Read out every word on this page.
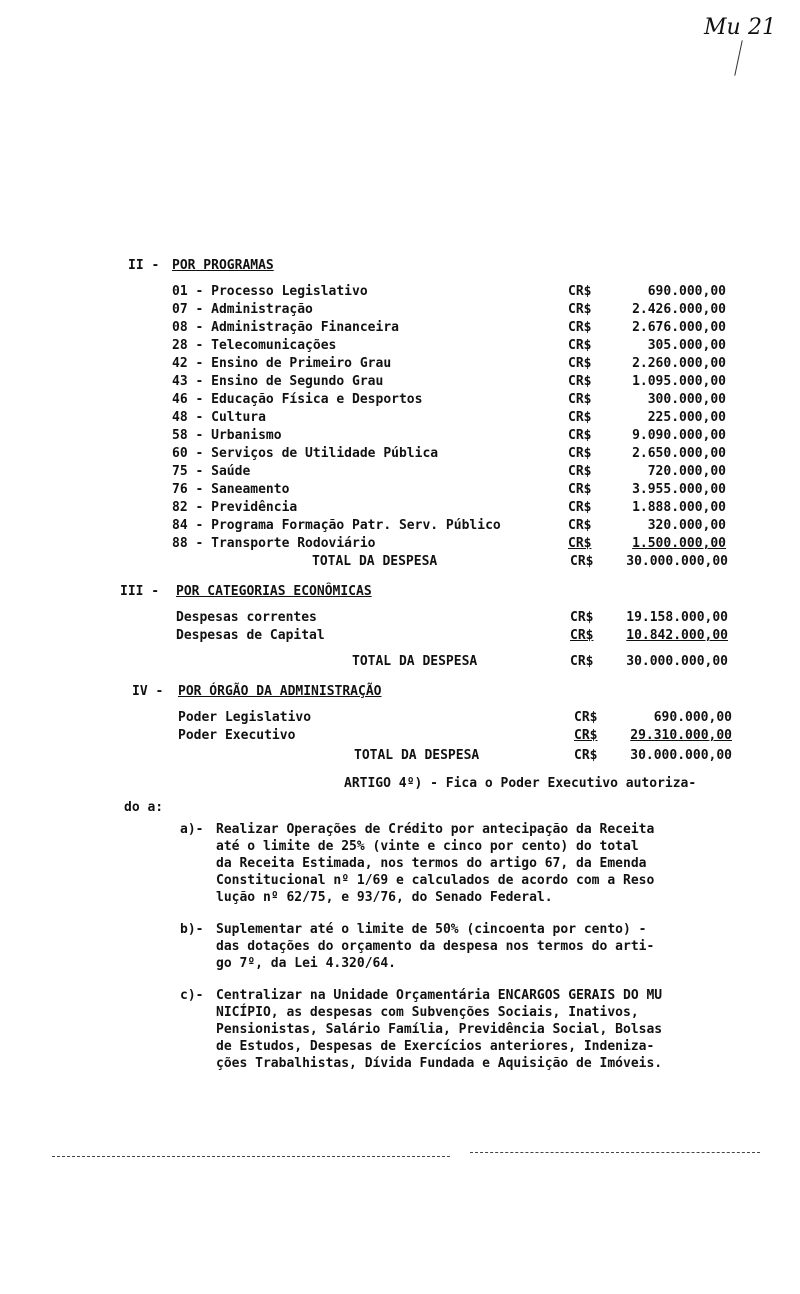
Mu 21
II - POR PROGRAMAS
01 - Processo Legislativo	CR$	690.000,00
07 - Administração	CR$	2.426.000,00
08 - Administração Financeira	CR$	2.676.000,00
28 - Telecomunicações	CR$	305.000,00
42 - Ensino de Primeiro Grau	CR$	2.260.000,00
43 - Ensino de Segundo Grau	CR$	1.095.000,00
46 - Educação Física e Desportos	CR$	300.000,00
48 - Cultura	CR$	225.000,00
58 - Urbanismo	CR$	9.090.000,00
60 - Serviços de Utilidade Pública	CR$	2.650.000,00
75 - Saúde	CR$	720.000,00
76 - Saneamento	CR$	3.955.000,00
82 - Previdência	CR$	1.888.000,00
84 - Programa Formação Patr. Serv. Público	CR$	320.000,00
88 - Transporte Rodoviário	CR$	1.500.000,00
TOTAL DA DESPESA	CR$	30.000.000,00
III - POR CATEGORIAS ECONÔMICAS
Despesas correntes	CR$	19.158.000,00
Despesas de Capital	CR$	10.842.000,00
TOTAL DA DESPESA	CR$	30.000.000,00
IV - POR ÓRGÃO DA ADMINISTRAÇÃO
Poder Legislativo	CR$	690.000,00
Poder Executivo	CR$	29.310.000,00
TOTAL DA DESPESA	CR$	30.000.000,00
ARTIGO 4º) - Fica o Poder Executivo autoriza-
do a:
a)- Realizar Operações de Crédito por antecipação da Receita
até o limite de 25% (vinte e cinco por cento) do total
da Receita Estimada, nos termos do artigo 67, da Emenda
Constitucional nº 1/69 e calculados de acordo com a Reso
lução nº 62/75, e 93/76, do Senado Federal.
b)- Suplementar até o limite de 50% (cincoenta por cento) -
das dotações do orçamento da despesa nos termos do arti-
go 7º, da Lei 4.320/64.
c)- Centralizar na Unidade Orçamentária ENCARGOS GERAIS DO MU
NICÍPIO, as despesas com Subvenções Sociais, Inativos,
Pensionistas, Salário Família, Previdência Social, Bolsas
de Estudos, Despesas de Exercícios anteriores, Indeniza-
ções Trabalhistas, Dívida Fundada e Aquisição de Imóveis.
